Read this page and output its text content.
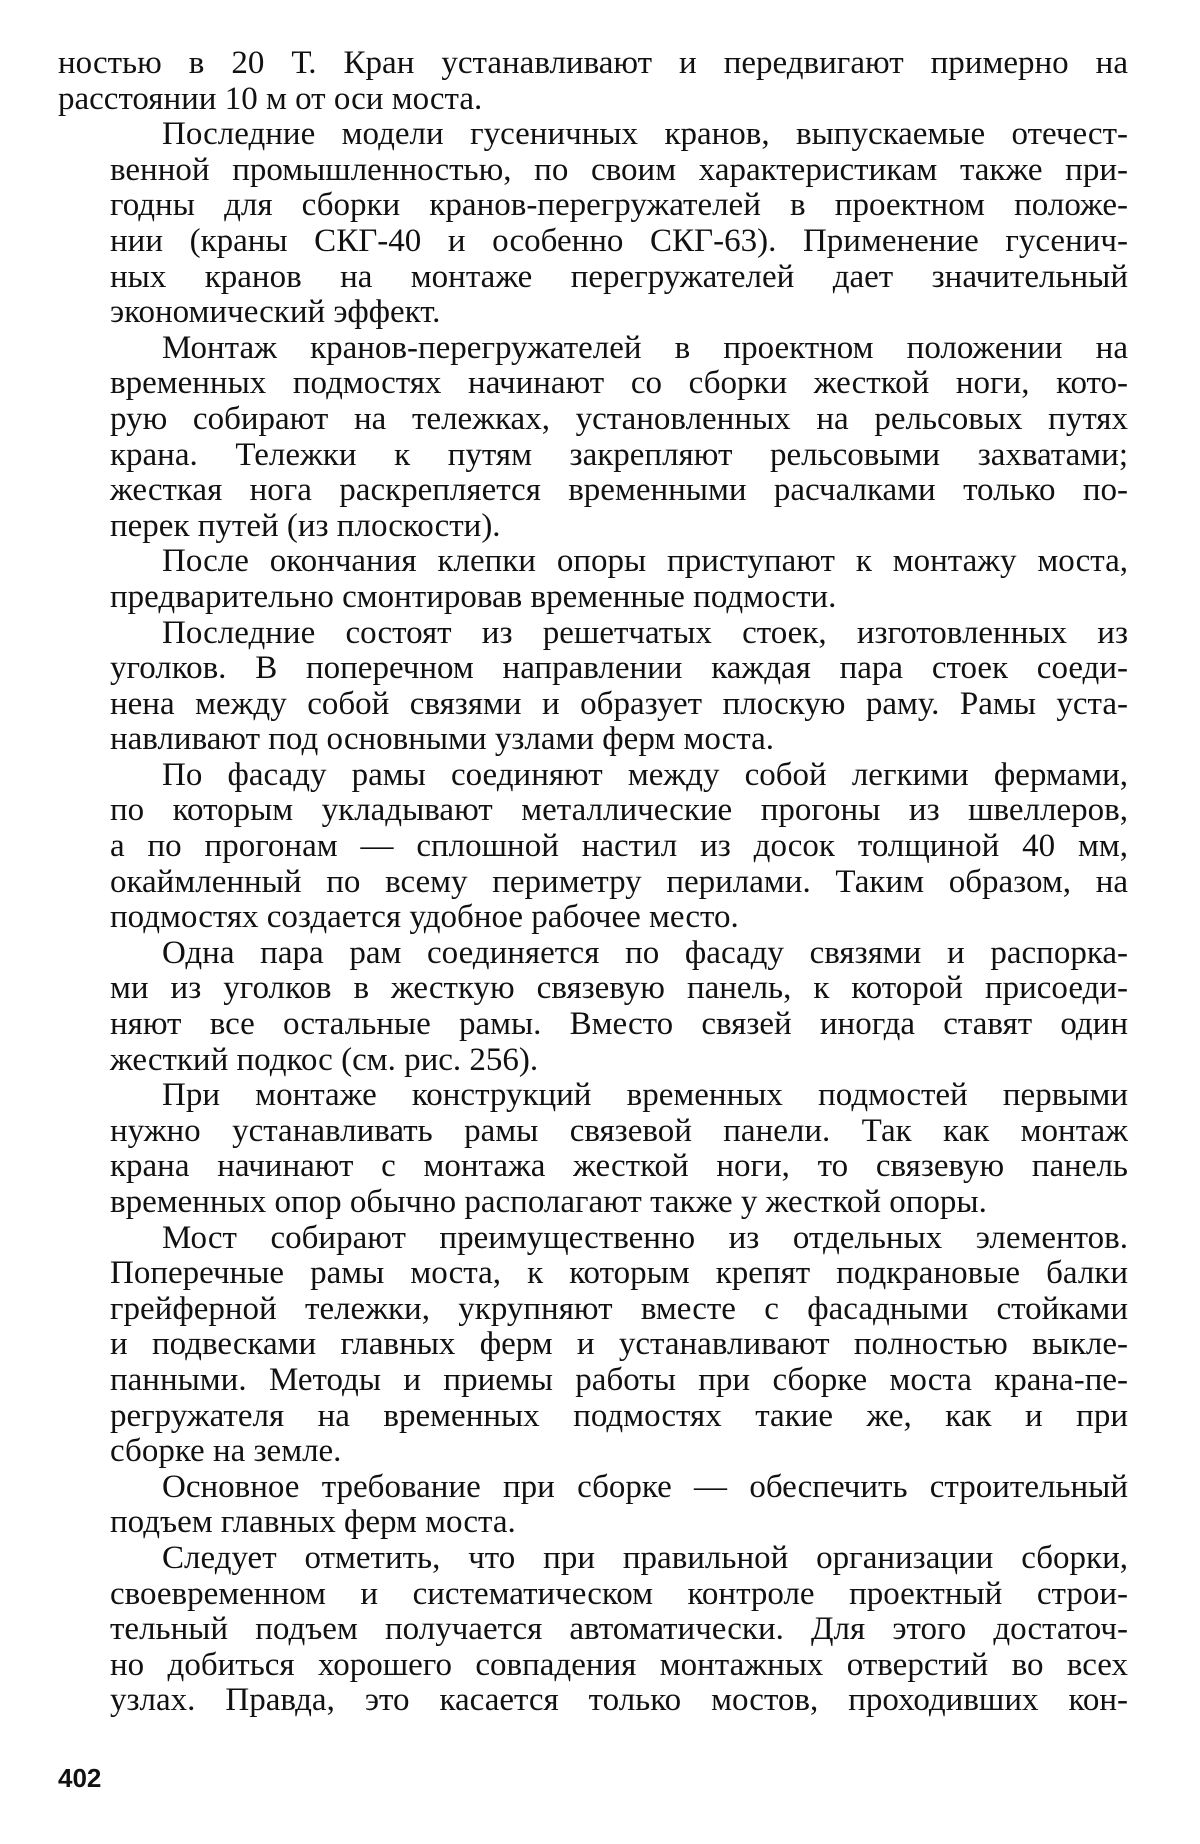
ностью в 20 Т. Кран устанавливают и передвигают примерно на
расстоянии 10 м от оси моста.
Последние модели гусеничных кранов, выпускаемые отечест-
венной промышленностью, по своим характеристикам также при-
годны для сборки кранов-перегружателей в проектном положе-
нии (краны СКГ-40 и особенно СКГ-63). Применение гусенич-
ных кранов на монтаже перегружателей дает значительный
экономический эффект.
Монтаж кранов-перегружателей в проектном положении на
временных подмостях начинают со сборки жесткой ноги, кото-
рую собирают на тележках, установленных на рельсовых путях
крана. Тележки к путям закрепляют рельсовыми захватами;
жесткая нога раскрепляется временными расчалками только по-
перек путей (из плоскости).
После окончания клепки опоры приступают к монтажу моста,
предварительно смонтировав временные подмости.
Последние состоят из решетчатых стоек, изготовленных из
уголков. В поперечном направлении каждая пара стоек соеди-
нена между собой связями и образует плоскую раму. Рамы уста-
навливают под основными узлами ферм моста.
По фасаду рамы соединяют между собой легкими фермами,
по которым укладывают металлические прогоны из швеллеров,
а по прогонам — сплошной настил из досок толщиной 40 мм,
окаймленный по всему периметру перилами. Таким образом, на
подмостях создается удобное рабочее место.
Одна пара рам соединяется по фасаду связями и распорка-
ми из уголков в жесткую связевую панель, к которой присоеди-
няют все остальные рамы. Вместо связей иногда ставят один
жесткий подкос (см. рис. 256).
При монтаже конструкций временных подмостей первыми
нужно устанавливать рамы связевой панели. Так как монтаж
крана начинают с монтажа жесткой ноги, то связевую панель
временных опор обычно располагают также у жесткой опоры.
Мост собирают преимущественно из отдельных элементов.
Поперечные рамы моста, к которым крепят подкрановые балки
грейферной тележки, укрупняют вместе с фасадными стойками
и подвесками главных ферм и устанавливают полностью выкле-
панными. Методы и приемы работы при сборке моста крана-пе-
регружателя на временных подмостях такие же, как и при
сборке на земле.
Основное требование при сборке — обеспечить строительный
подъем главных ферм моста.
Следует отметить, что при правильной организации сборки,
своевременном и систематическом контроле проектный строи-
тельный подъем получается автоматически. Для этого достаточ-
но добиться хорошего совпадения монтажных отверстий во всех
узлах. Правда, это касается только мостов, проходивших кон-
402
